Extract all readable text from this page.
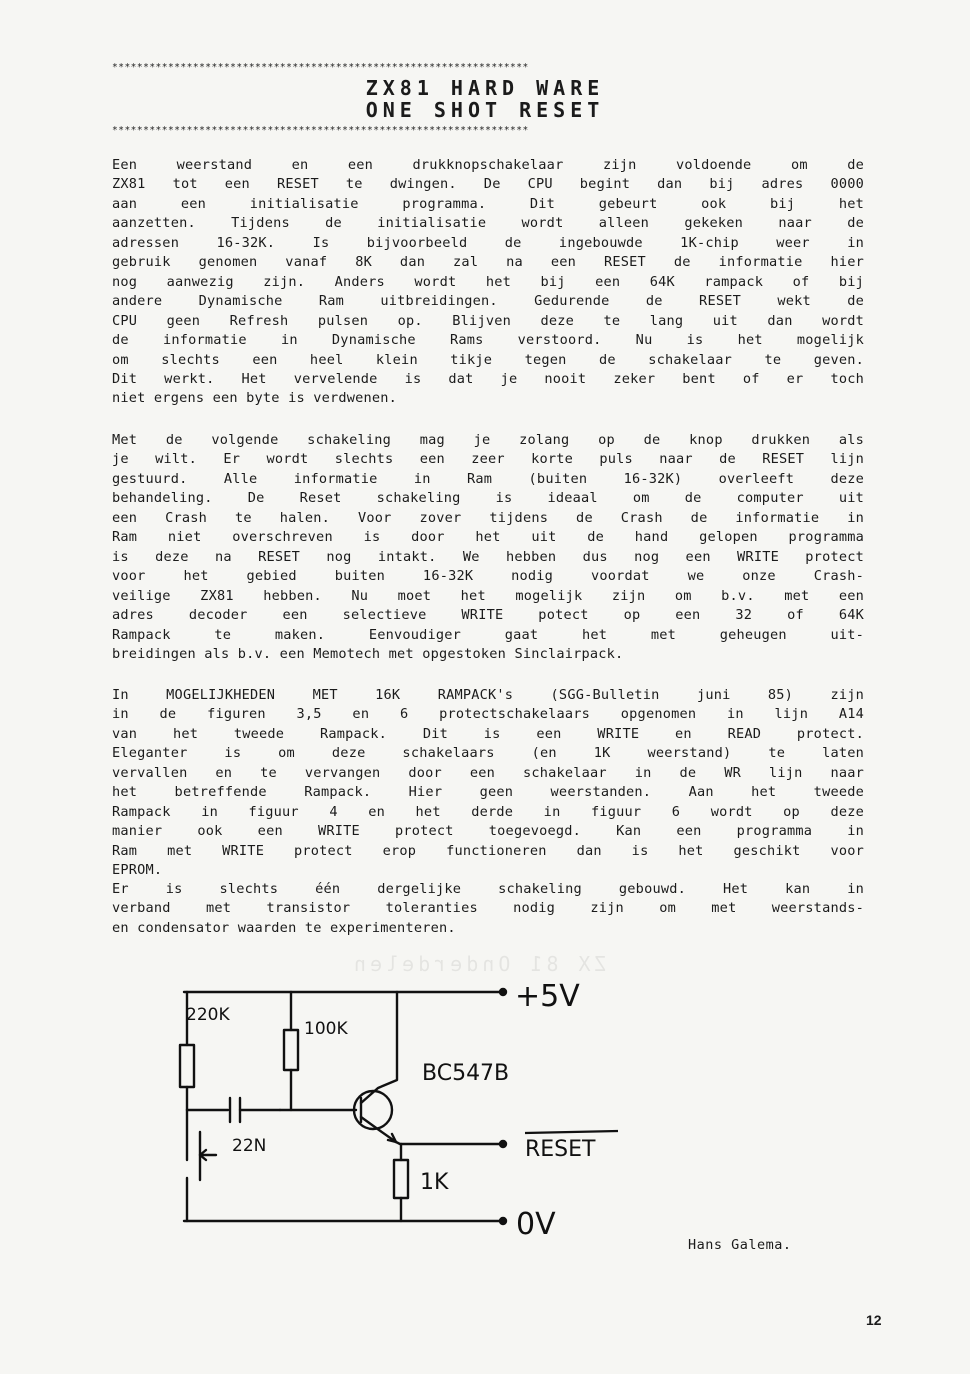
ZX 81 Onderdelen
*******************************************************************
ZX81 HARD WARE
ONE SHOT RESET
*******************************************************************
Een weerstand en een drukknopschakelaar zijn voldoende om de
ZX81 tot een RESET te dwingen. De CPU begint dan bij adres 0000
aan een initialisatie programma. Dit gebeurt ook bij het
aanzetten. Tijdens de initialisatie wordt alleen gekeken naar de
adressen 16-32K. Is bijvoorbeeld de ingebouwde 1K-chip weer in
gebruik genomen vanaf 8K dan zal na een RESET de informatie hier
nog aanwezig zijn. Anders wordt het bij een 64K rampack of bij
andere Dynamische Ram uitbreidingen. Gedurende de RESET wekt de
CPU geen Refresh pulsen op. Blijven deze te lang uit dan wordt
de informatie in Dynamische Rams verstoord. Nu is het mogelijk
om slechts een heel klein tikje tegen de schakelaar te geven.
Dit werkt. Het vervelende is dat je nooit zeker bent of er toch
niet ergens een byte is verdwenen.
Met de volgende schakeling mag je zolang op de knop drukken als
je wilt. Er wordt slechts een zeer korte puls naar de RESET lijn
gestuurd. Alle informatie in Ram (buiten 16-32K) overleeft deze
behandeling. De Reset schakeling is ideaal om de computer uit
een Crash te halen. Voor zover tijdens de Crash de informatie in
Ram niet overschreven is door het uit de hand gelopen programma
is deze na RESET nog intakt. We hebben dus nog een WRITE protect
voor het gebied buiten 16-32K nodig voordat we onze Crash-
veilige ZX81 hebben. Nu moet het mogelijk zijn om b.v. met een
adres decoder een selectieve WRITE potect op een 32 of 64K
Rampack te maken. Eenvoudiger gaat het met geheugen uit-
breidingen als b.v. een Memotech met opgestoken Sinclairpack.
In MOGELIJKHEDEN MET 16K RAMPACK's (SGG-Bulletin juni 85) zijn
in de figuren 3,5 en 6 protectschakelaars opgenomen in lijn A14
van het tweede Rampack. Dit is een WRITE en READ protect.
Eleganter is om deze schakelaars (en 1K weerstand) te laten
vervallen en te vervangen door een schakelaar in de WR lijn naar
het betreffende Rampack. Hier geen weerstanden. Aan het tweede
Rampack in figuur 4 en het derde in figuur 6 wordt op deze
manier ook een WRITE protect toegevoegd. Kan een programma in
Ram met WRITE protect erop functioneren dan is het geschikt voor
EPROM.
Er is slechts één dergelijke schakeling gebouwd. Het kan in
verband met transistor toleranties nodig zijn om met weerstands-
en condensator waarden te experimenteren.
220K
100K
BC547B
22N
1K
+5V
RESET
0V
Hans Galema.
12
